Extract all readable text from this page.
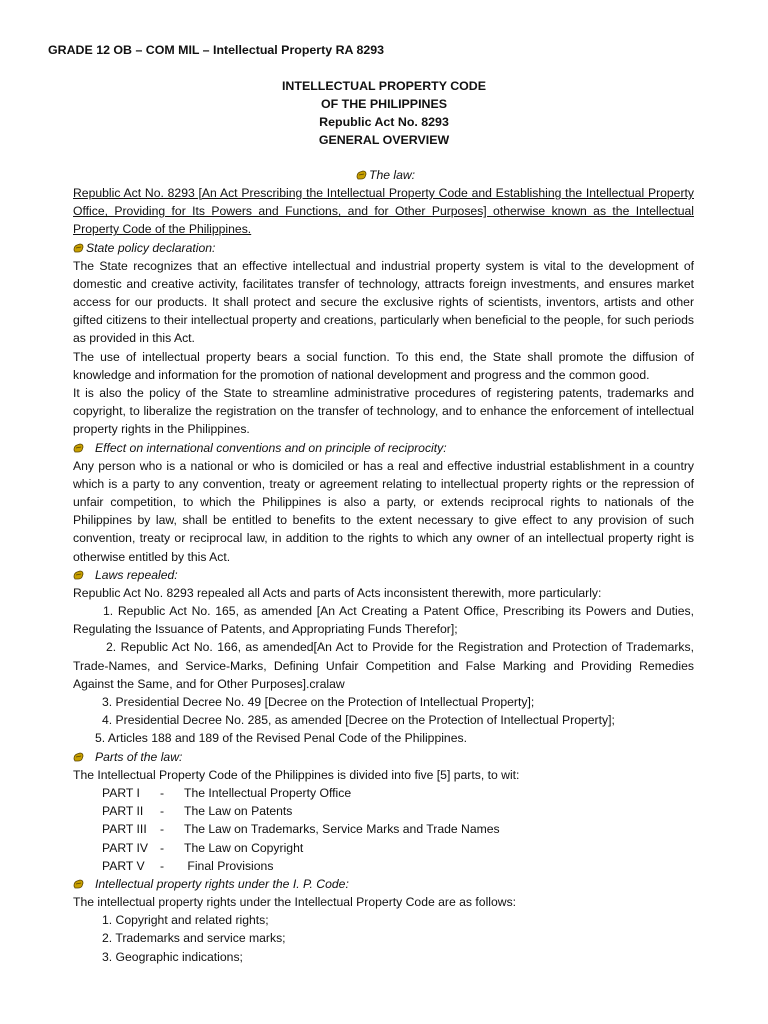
GRADE 12 OB – COM MIL – Intellectual Property RA 8293
INTELLECTUAL PROPERTY CODE
OF THE PHILIPPINES
Republic Act No. 8293
GENERAL OVERVIEW
The law:

Republic Act No. 8293 [An Act Prescribing the Intellectual Property Code and Establishing the Intellectual Property Office, Providing for Its Powers and Functions, and for Other Purposes] otherwise known as the Intellectual Property Code of the Philippines.

State policy declaration:

The State recognizes that an effective intellectual and industrial property system is vital to the development of domestic and creative activity, facilitates transfer of technology, attracts foreign investments, and ensures market access for our products. It shall protect and secure the exclusive rights of scientists, inventors, artists and other gifted citizens to their intellectual property and creations, particularly when beneficial to the people, for such periods as provided in this Act.

The use of intellectual property bears a social function. To this end, the State shall promote the diffusion of knowledge and information for the promotion of national development and progress and the common good.

It is also the policy of the State to streamline administrative procedures of registering patents, trademarks and copyright, to liberalize the registration on the transfer of technology, and to enhance the enforcement of intellectual property rights in the Philippines.

Effect on international conventions and on principle of reciprocity:

Any person who is a national or who is domiciled or has a real and effective industrial establishment in a country which is a party to any convention, treaty or agreement relating to intellectual property rights or the repression of unfair competition, to which the Philippines is also a party, or extends reciprocal rights to nationals of the Philippines by law, shall be entitled to benefits to the extent necessary to give effect to any provision of such convention, treaty or reciprocal law, in addition to the rights to which any owner of an intellectual property right is otherwise entitled by this Act.

Laws repealed:

Republic Act No. 8293 repealed all Acts and parts of Acts inconsistent therewith, more particularly:

1. Republic Act No. 165, as amended [An Act Creating a Patent Office, Prescribing its Powers and Duties, Regulating the Issuance of Patents, and Appropriating Funds Therefor];

2. Republic Act No. 166, as amended[An Act to Provide for the Registration and Protection of Trademarks, Trade-Names, and Service-Marks, Defining Unfair Competition and False Marking and Providing Remedies Against the Same, and for Other Purposes].cralaw

3. Presidential Decree No. 49 [Decree on the Protection of Intellectual Property];

4. Presidential Decree No. 285, as amended [Decree on the Protection of Intellectual Property];

5. Articles 188 and 189 of the Revised Penal Code of the Philippines.

Parts of the law:

The Intellectual Property Code of the Philippines is divided into five [5] parts, to wit:

PART I	-	The Intellectual Property Office
PART II	-	The Law on Patents
PART III	-	The Law on Trademarks, Service Marks and Trade Names
PART IV -	The Law on Copyright
PART V	-	Final Provisions
Intellectual property rights under the I. P. Code:

The intellectual property rights under the Intellectual Property Code are as follows:

1. Copyright and related rights;

2. Trademarks and service marks;

3. Geographic indications;
